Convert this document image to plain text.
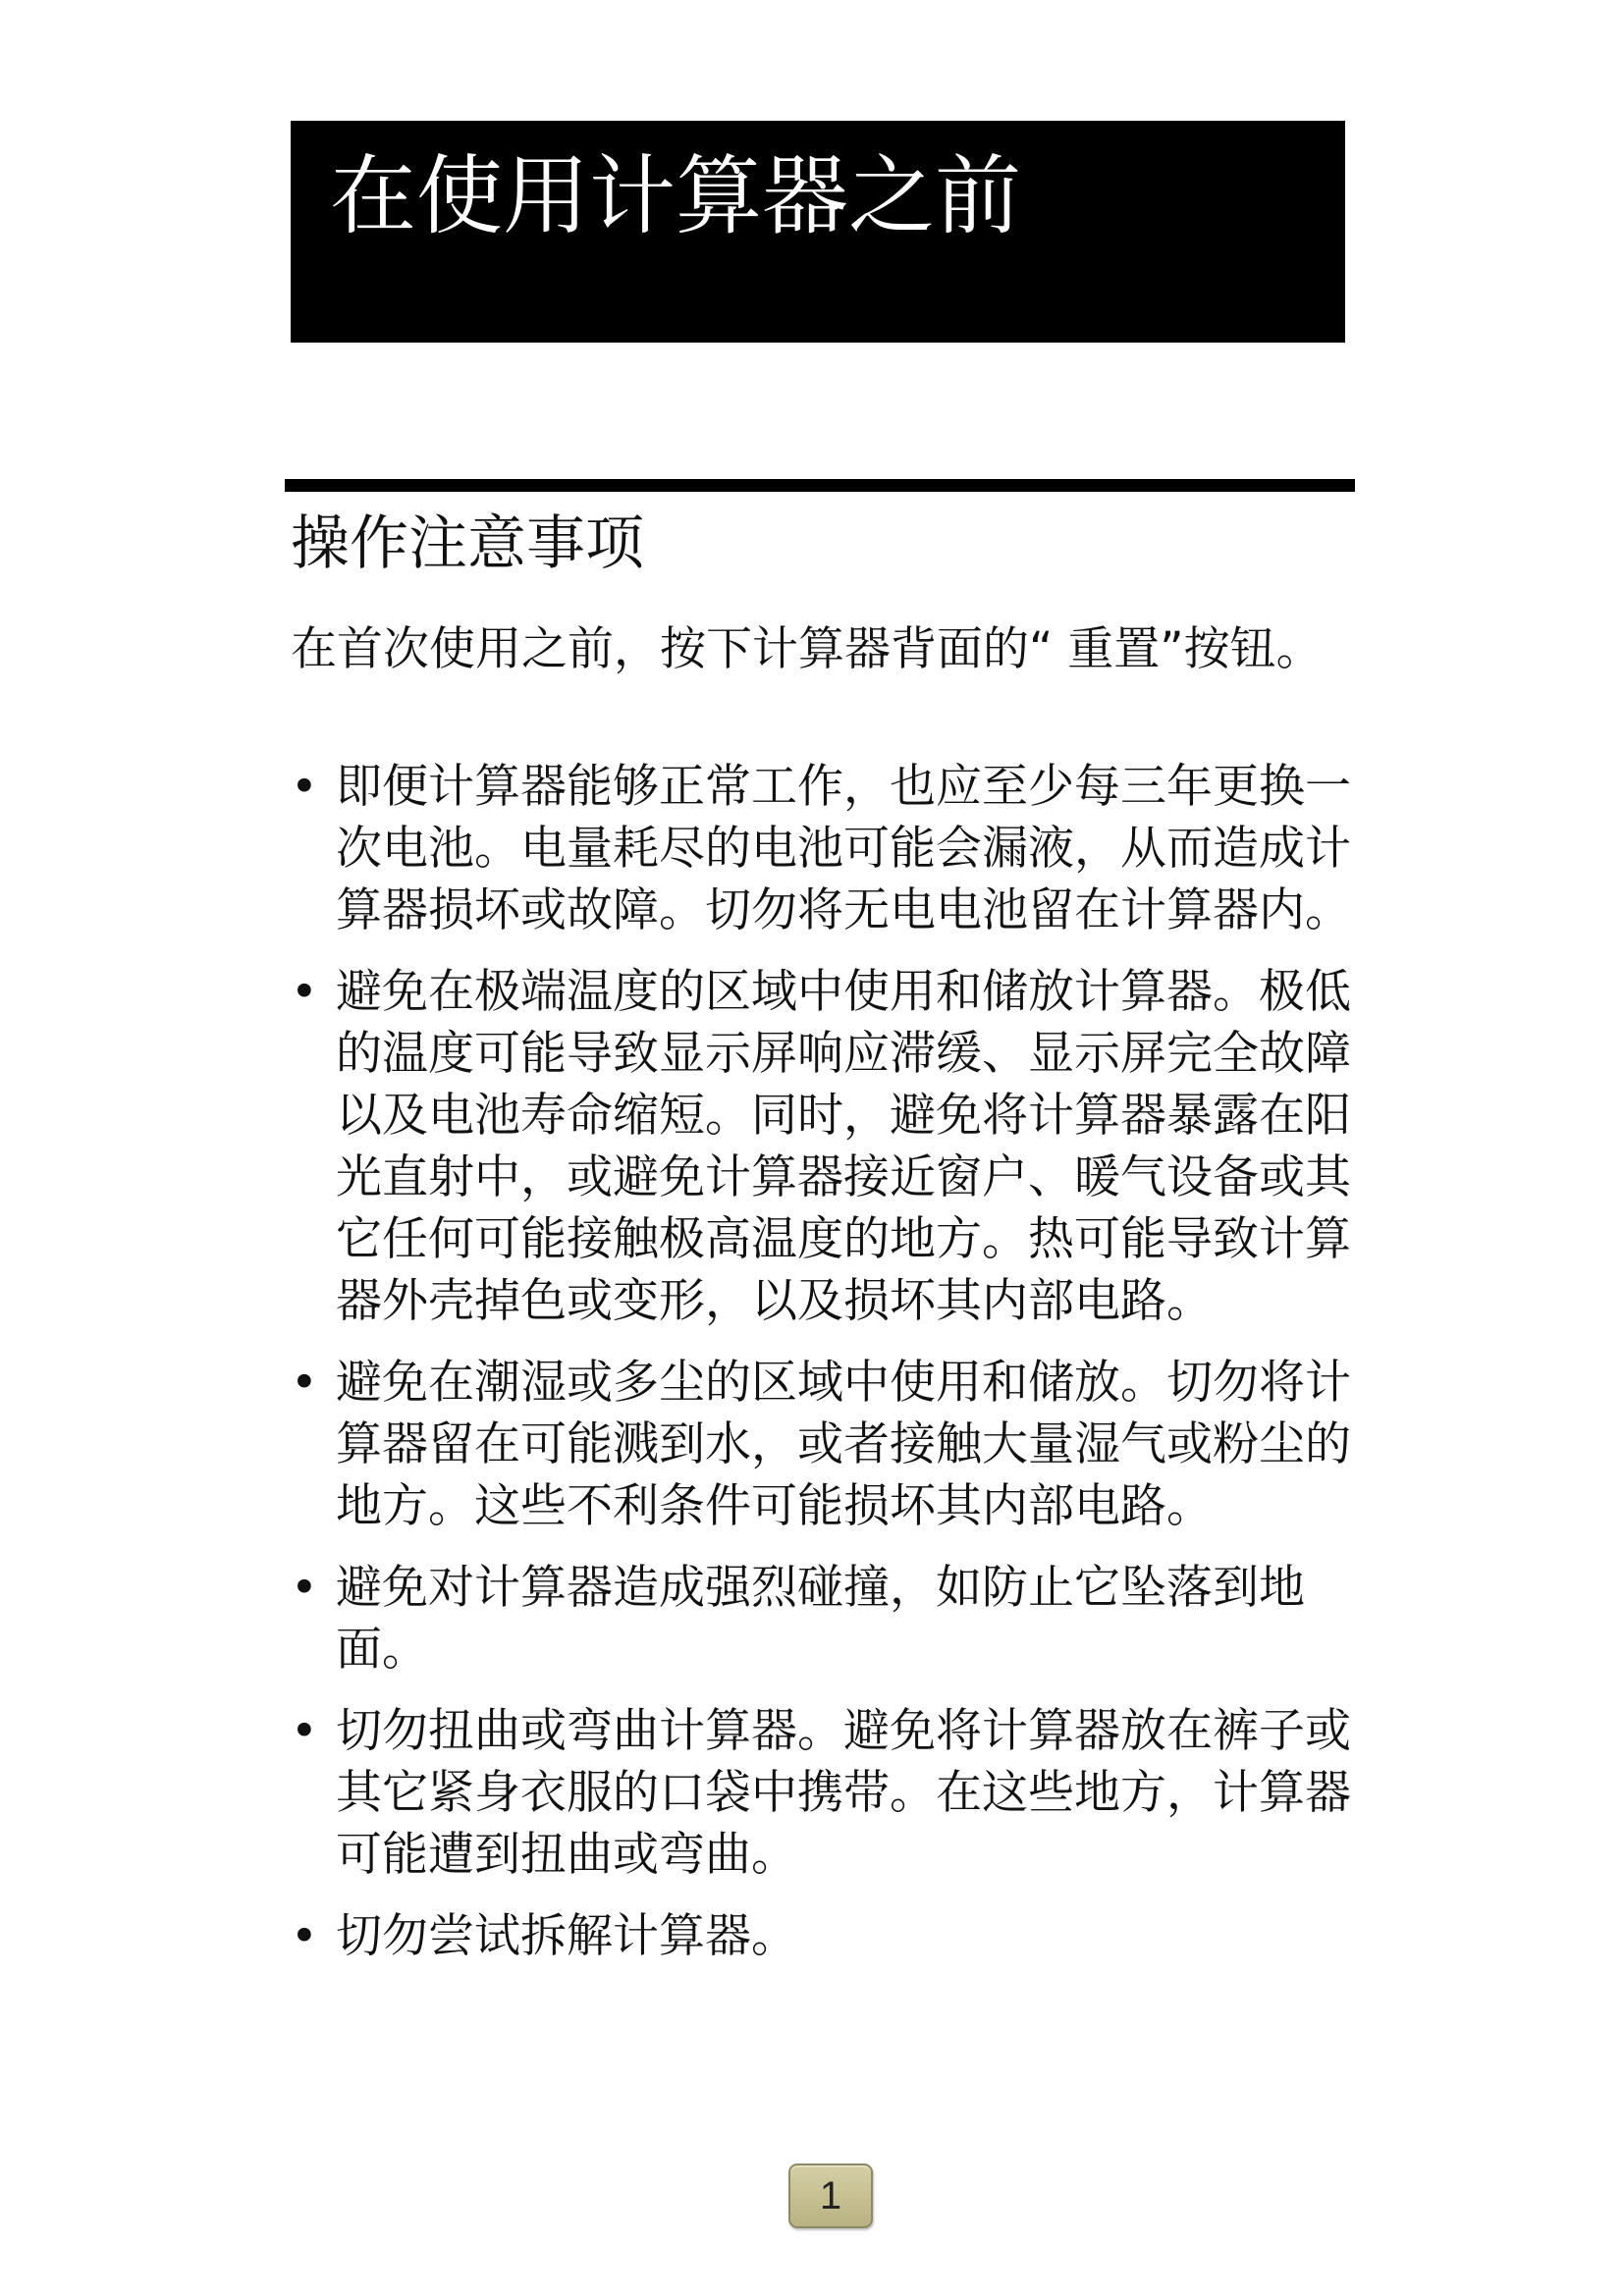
在使用计算器之前
操作注意事项

在首次使用之前，按下计算器背面的“ 重置”按钮。

• 即便计算器能够正常工作，也应至少每三年更换一次电池。电量耗尽的电池可能会漏液，从而造成计算器损坏或故障。切勿将无电电池留在计算器内。
• 避免在极端温度的区域中使用和储放计算器。极低的温度可能导致显示屏响应滞缓、显示屏完全故障以及电池寿命缩短。同时，避免将计算器暴露在阳光直射中，或避免计算器接近窗户、暖气设备或其它任何可能接触极高温度的地方。热可能导致计算器外壳掉色或变形，以及损坏其内部电路。
• 避免在潮湿或多尘的区域中使用和储放。切勿将计算器留在可能溅到水，或者接触大量湿气或粉尘的地方。这些不利条件可能损坏其内部电路。
• 避免对计算器造成强烈碰撞，如防止它坠落到地面。
• 切勿扭曲或弯曲计算器。避免将计算器放在裤子或其它紧身衣服的口袋中携带。在这些地方，计算器可能遭到扭曲或弯曲。
• 切勿尝试拆解计算器。
1
